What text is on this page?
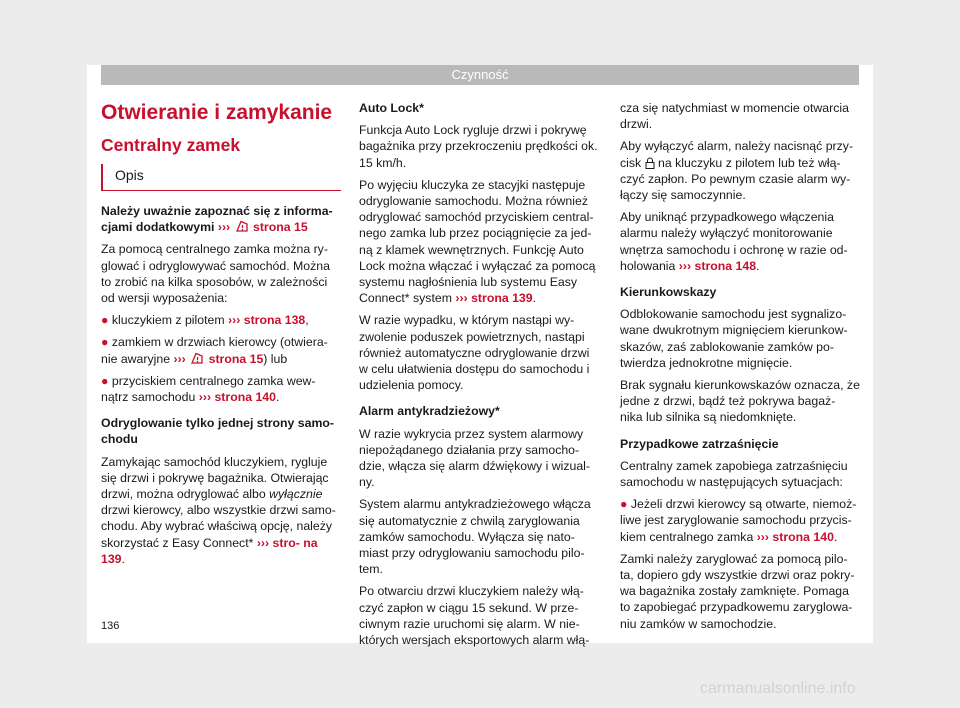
Czynność
Otwieranie i zamykanie
Centralny zamek
Opis

Należy uważnie zapoznać się z informa-
cjami dodatkowymi ››› strona 15

Za pomocą centralnego zamka można ry- glować i odryglowywać samochód. Można to zrobić na kilka sposobów, w zależności od wersji wyposażenia:

● kluczykiem z pilotem ››› strona 138,

● zamkiem w drzwiach kierowcy (otwiera- nie awaryjne ››› strona 15) lub

● przyciskiem centralnego zamka wew- nątrz samochodu ››› strona 140.

Odryglowanie tylko jednej strony samo- chodu

Zamykając samochód kluczykiem, rygluje się drzwi i pokrywę bagażnika. Otwierając drzwi, można odryglować albo wyłącznie drzwi kierowcy, albo wszystkie drzwi samo- chodu. Aby wybrać właściwą opcję, należy skorzystać z Easy Connect* ››› stro- na 139.

Auto Lock*

Funkcja Auto Lock rygluje drzwi i pokrywę bagażnika przy przekroczeniu prędkości ok. 15 km/h.

Po wyjęciu kluczyka ze stacyjki następuje odryglowanie samochodu. Można również odryglować samochód przyciskiem central- nego zamka lub przez pociągnięcie za jed- ną z klamek wewnętrznych. Funkcję Auto Lock można włączać i wyłączać za pomocą systemu nagłośnienia lub systemu Easy Connect* system ››› strona 139.

W razie wypadku, w którym nastąpi wy- zwolenie poduszek powietrznych, nastąpi również automatyczne odryglowanie drzwi w celu ułatwienia dostępu do samochodu i udzielenia pomocy.

Alarm antykradzieżowy*

W razie wykrycia przez system alarmowy niepożądanego działania przy samocho- dzie, włącza się alarm dźwiękowy i wizual- ny.

System alarmu antykradzieżowego włącza się automatycznie z chwilą zaryglowania zamków samochodu. Wyłącza się nato- miast przy odryglowaniu samochodu pilo- tem.

Po otwarciu drzwi kluczykiem należy włą- czyć zapłon w ciągu 15 sekund. W prze- ciwnym razie uruchomi się alarm. W nie- których wersjach eksportowych alarm włą-

cza się natychmiast w momencie otwarcia drzwi.

Aby wyłączyć alarm, należy nacisnąć przy- cisk  na kluczyku z pilotem lub też włą- czyć zapłon. Po pewnym czasie alarm wy- łączy się samoczynnie.

Aby uniknąć przypadkowego włączenia alarmu należy wyłączyć monitorowanie wnętrza samochodu i ochronę w razie od- holowania ››› strona 148.

Kierunkowskazy

Odblokowanie samochodu jest sygnalizo- wane dwukrotnym mignięciem kierunkow- skazów, zaś zablokowanie zamków po- twierdza jednokrotne mignięcie.

Brak sygnału kierunkowskazów oznacza, że jedne z drzwi, bądź też pokrywa bagaż- nika lub silnika są niedomknięte.

Przypadkowe zatrzaśnięcie

Centralny zamek zapobiega zatrzaśnięciu samochodu w następujących sytuacjach:

● Jeżeli drzwi kierowcy są otwarte, niemoż- liwe jest zaryglowanie samochodu przycis- kiem centralnego zamka ››› strona 140.

Zamki należy zaryglować za pomocą pilo- ta, dopiero gdy wszystkie drzwi oraz pokry- wa bagażnika zostały zamknięte. Pomaga to zapobiegać przypadkowemu zaryglowa- niu zamków w samochodzie.

136
carmanualsonline.info
